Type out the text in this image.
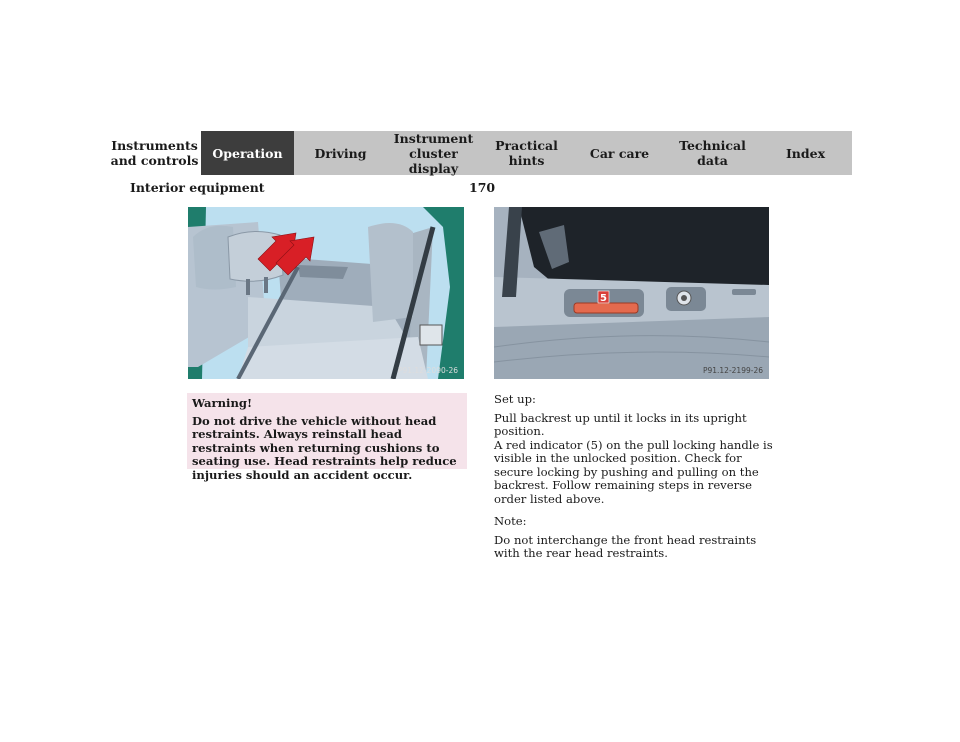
Instruments
and controls	Operation	Driving
Instrument
cluster display
Practical hints	Car care	Technical
data	Index
Interior equipment	170
P91.12-2090-26
5
P91.12-2199-26
Warning!
Do not drive the vehicle without head restraints. Always reinstall head restraints when returning cushions to seating use. Head restraints help reduce injuries should an accident occur.

Set up:

Pull backrest up until it locks in its upright position.
A red indicator (5) on the pull locking handle is visible in the unlocked position. Check for secure locking by pushing and pulling on the backrest. Follow remaining steps in reverse order listed above.

Note:

Do not interchange the front head restraints with the rear head restraints.
